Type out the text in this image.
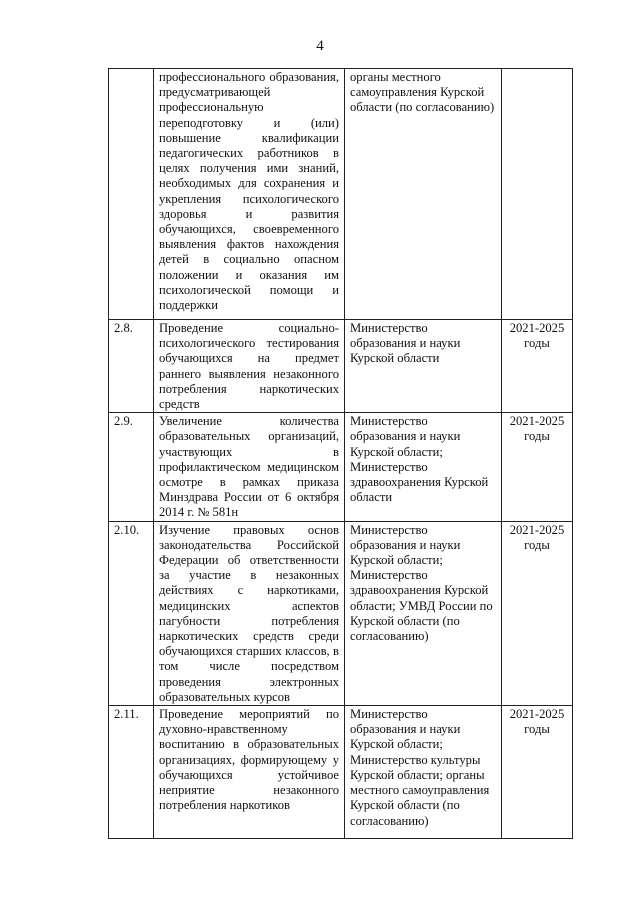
4
	профессионального образования, предусматривающей профессиональную переподготовку и (или) повышение квалификации педагогических работников в целях получения ими знаний, необходимых для сохранения и укрепления психологического здоровья и развития обучающихся, своевременного выявления фактов нахождения детей в социально опасном положении и оказания им психологической помощи и поддержки	органы местного самоуправления Курской области (по согласованию)	
2.8.	Проведение социально-психологического тестирования обучающихся на предмет раннего выявления незаконного потребления наркотических средств	Министерство образования и науки Курской области	2021-2025 годы
2.9.	Увеличение количества образовательных организаций, участвующих в профилактическом медицинском осмотре в рамках приказа Минздрава России от 6 октября 2014 г. № 581н	Министерство образования и науки Курской области; Министерство здравоохранения Курской области	2021-2025 годы
2.10.	Изучение правовых основ законодательства Российской Федерации об ответственности за участие в незаконных действиях с наркотиками, медицинских аспектов пагубности потребления наркотических средств среди обучающихся старших классов, в том числе посредством проведения электронных образовательных курсов	Министерство образования и науки Курской области; Министерство здравоохранения Курской области; УМВД России по Курской области (по согласованию)	2021-2025 годы
2.11.	Проведение мероприятий по духовно-нравственному воспитанию в образовательных организациях, формирующему у обучающихся устойчивое неприятие незаконного потребления наркотиков	Министерство образования и науки Курской области; Министерство культуры Курской области; органы местного самоуправления Курской области (по согласованию)	2021-2025 годы
